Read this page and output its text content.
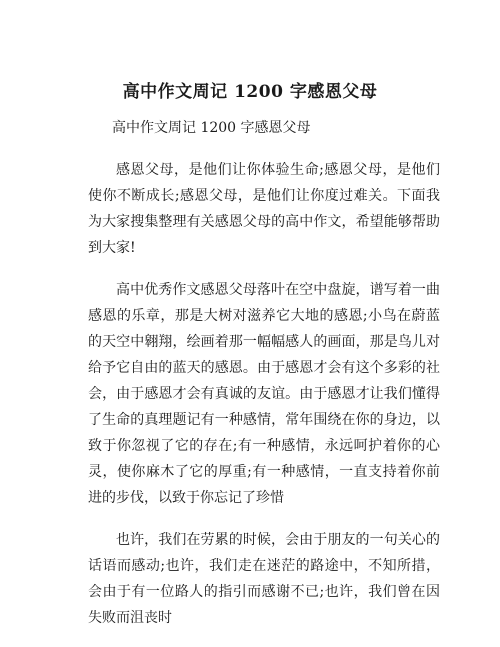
高中作文周记 1200 字感恩父母

高中作文周记 1200 字感恩父母

感恩父母，是他们让你体验生命;感恩父母，是他们使你不断成长;感恩父母，是他们让你度过难关。下面我为大家搜集整理有关感恩父母的高中作文，希望能够帮助到大家!

高中优秀作文感恩父母落叶在空中盘旋，谱写着一曲感恩的乐章，那是大树对滋养它大地的感恩;小鸟在蔚蓝的天空中翱翔，绘画着那一幅幅感人的画面，那是鸟儿对给予它自由的蓝天的感恩。由于感恩才会有这个多彩的社会，由于感恩才会有真诚的友谊。由于感恩才让我们懂得了生命的真理题记有一种感情，常年围绕在你的身边，以致于你忽视了它的存在;有一种感情，永远呵护着你的心灵，使你麻木了它的厚重;有一种感情，一直支持着你前进的步伐，以致于你忘记了珍惜

也许，我们在劳累的时候，会由于朋友的一句关心的话语而感动;也许，我们走在迷茫的路途中，不知所措，会由于有一位路人的指引而感谢不已;也许，我们曾在因失败而沮丧时
